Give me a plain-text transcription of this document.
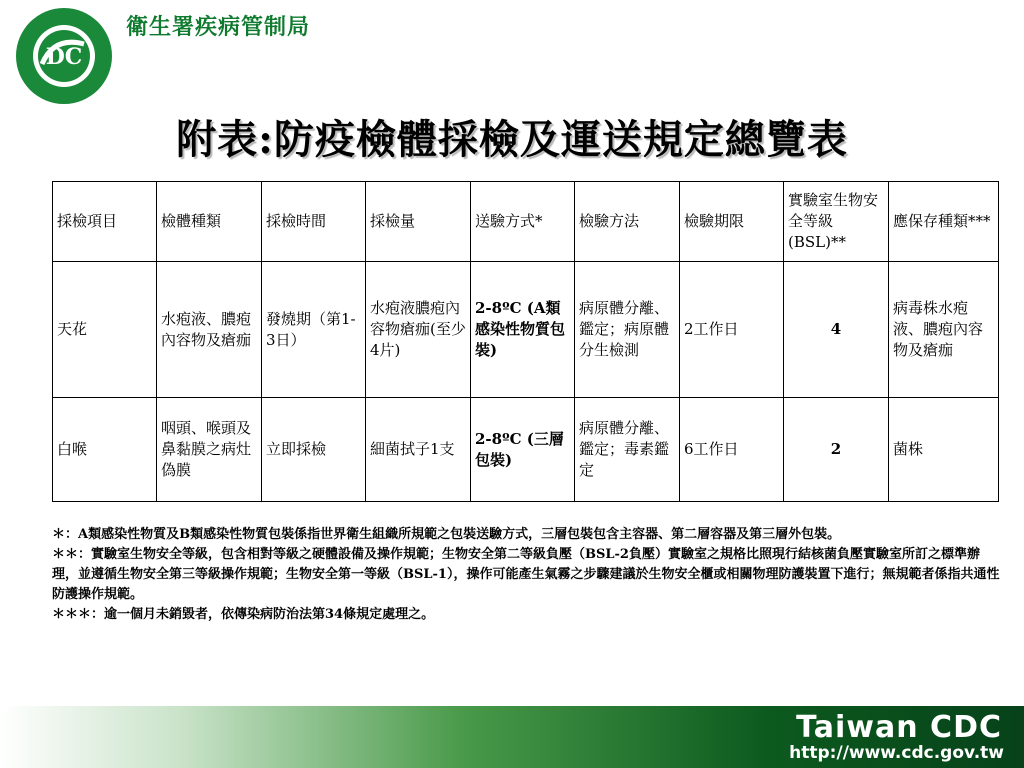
DC
衛生署疾病管制局
附表:防疫檢體採檢及運送規定總覽表
採檢項目	檢體種類	採檢時間	採檢量	送驗方式*	檢驗方法	檢驗期限	實驗室生物安全等級(BSL)**	應保存種類***
天花	水疱液、膿疱內容物及瘡痂	發燒期（第1-3日）	水疱液膿疱內容物瘡痂(至少4片)	2-8ºC (A類感染性物質包裝)	病原體分離、鑑定；病原體分生檢測	2工作日	4	病毒株水疱液、膿疱內容物及瘡痂
白喉	咽頭、喉頭及鼻黏膜之病灶偽膜	立即採檢	細菌拭子1支	2-8ºC (三層包裝)	病原體分離、鑑定；毒素鑑定	6工作日	2	菌株

＊：A類感染性物質及B類感染性物質包裝係指世界衛生組織所規範之包裝送驗方式，三層包裝包含主容器、第二層容器及第三層外包裝。

＊＊：實驗室生物安全等級，包含相對等級之硬體設備及操作規範；生物安全第二等級負壓（BSL-2負壓）實驗室之規格比照現行結核菌負壓實驗室所訂之標準辦理，並遵循生物安全第三等級操作規範；生物安全第一等級（BSL-1），操作可能產生氣霧之步驟建議於生物安全櫃或相關物理防護裝置下進行；無規範者係指共通性防護操作規範。

＊＊＊：逾一個月未銷毀者，依傳染病防治法第34條規定處理之。

Taiwan CDC
http://www.cdc.gov.tw
